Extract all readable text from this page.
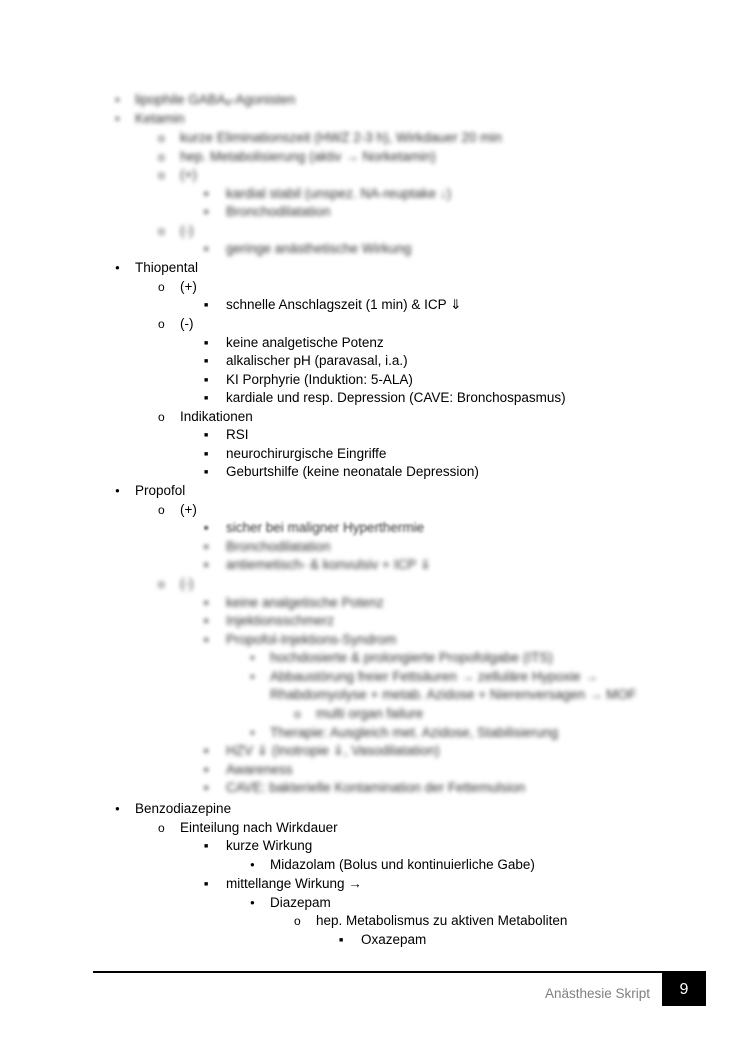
lipophile GABAₐ-Agonisten
Ketamin
kurze Eliminationszeit (HWZ 2-3 h), Wirkdauer 20 min
hep. Metabolisierung (aktiv → Norketamin)
(+)
kardial stabil (unspez. NA-reuptake ↓)
Bronchodilatation
(-)
geringe anästhetische Wirkung
Thiopental
(+)
schnelle Anschlagszeit (1 min) & ICP ⇓
(-)
keine analgetische Potenz
alkalischer pH (paravasal, i.a.)
KI Porphyrie (Induktion: 5-ALA)
kardiale und resp. Depression (CAVE: Bronchospasmus)
Indikationen
RSI
neurochirurgische Eingriffe
Geburtshilfe (keine neonatale Depression)
Propofol
(+)
sicher bei maligner Hyperthermie
Bronchodilatation
antiemetisch- & konvulsiv + ICP ⇓
(-)
keine analgetische Potenz
Injektionsschmerz
Propofol-Injektions-Syndrom
hochdosierte & prolongierte Propofolgabe (ITS)
Abbaustörung freier Fettsäuren → zelluläre Hypoxie →
Rhabdomyolyse + metab. Azidose + Nierenversagen → MOF
multi organ failure
Therapie: Ausgleich met. Azidose, Stabilisierung
HZV ⇓ (Inotropie ⇓, Vasodilatation)
Awareness
CAVE: bakterielle Kontamination der Fettemulsion
Benzodiazepine
Einteilung nach Wirkdauer
kurze Wirkung
Midazolam (Bolus und kontinuierliche Gabe)
mittellange Wirkung →
Diazepam
hep. Metabolismus zu aktiven Metaboliten
Oxazepam
Anästhesie Skript	9
